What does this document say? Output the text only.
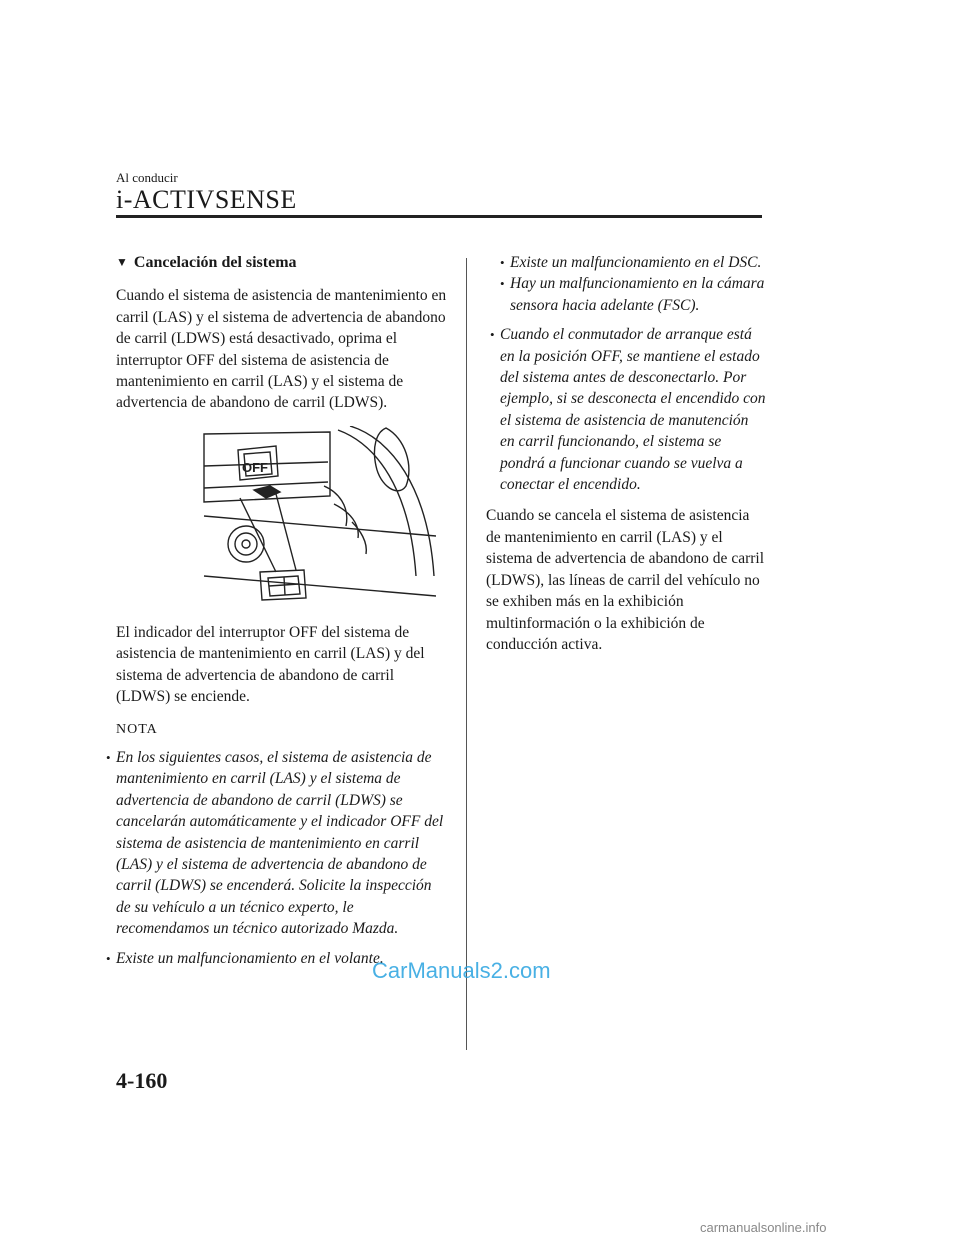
Al conducir
i-ACTIVSENSE

▼ Cancelación del sistema

Cuando el sistema de asistencia de mantenimiento en carril (LAS) y el sistema de advertencia de abandono de carril (LDWS) está desactivado, oprima el interruptor OFF del sistema de asistencia de mantenimiento en carril (LAS) y el sistema de advertencia de abandono de carril (LDWS).

OFF

El indicador del interruptor OFF del sistema de asistencia de mantenimiento en carril (LAS) y del sistema de advertencia de abandono de carril (LDWS) se enciende.

NOTA

• En los siguientes casos, el sistema de asistencia de mantenimiento en carril (LAS) y el sistema de advertencia de abandono de carril (LDWS) se cancelarán automáticamente y el indicador OFF del sistema de asistencia de mantenimiento en carril (LAS) y el sistema de advertencia de abandono de carril (LDWS) se encenderá. Solicite la inspección de su vehículo a un técnico experto, le recomendamos un técnico autorizado Mazda.

• Existe un malfuncionamiento en el volante.

• Existe un malfuncionamiento en el DSC.

• Hay un malfuncionamiento en la cámara sensora hacia adelante (FSC).

• Cuando el conmutador de arranque está en la posición OFF, se mantiene el estado del sistema antes de desconectarlo. Por ejemplo, si se desconecta el encendido con el sistema de asistencia de manutención en carril funcionando, el sistema se pondrá a funcionar cuando se vuelva a conectar el encendido.

Cuando se cancela el sistema de asistencia de mantenimiento en carril (LAS) y el sistema de advertencia de abandono de carril (LDWS), las líneas de carril del vehículo no se exhiben más en la exhibición multinformación o la exhibición de conducción activa.

4-160
CarManuals2.com
carmanualsonline.info
